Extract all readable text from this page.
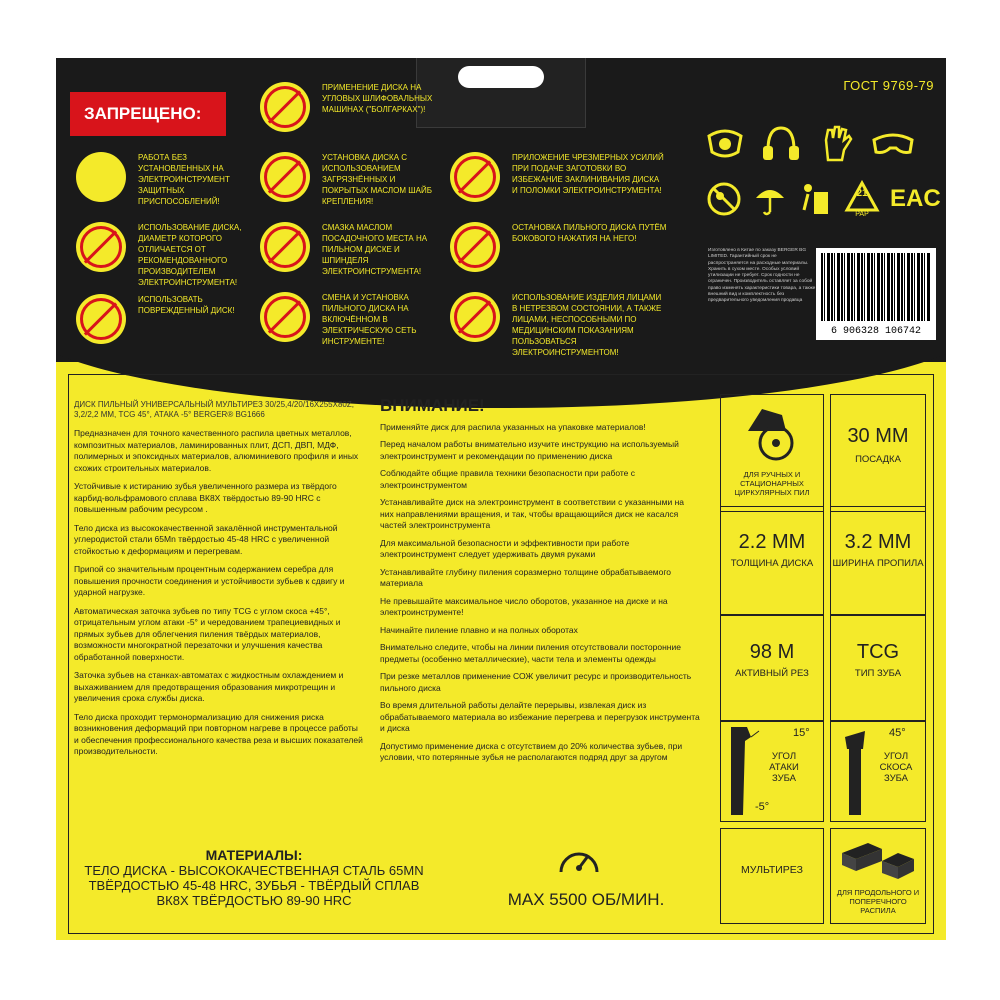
ЗАПРЕЩЕНО:
ГОСТ 9769-79
РАБОТА БЕЗ УСТАНОВЛЕННЫХ НА ЭЛЕКТРОИНСТРУМЕНТ ЗАЩИТНЫХ ПРИСПОСОБЛЕНИЙ!
ИСПОЛЬЗОВАНИЕ ДИСКА, ДИАМЕТР КОТОРОГО ОТЛИЧАЕТСЯ ОТ РЕКОМЕНДОВАННОГО ПРОИЗВОДИТЕЛЕМ ЭЛЕКТРОИНСТРУМЕНТА!
ИСПОЛЬЗОВАТЬ ПОВРЕЖДЕННЫЙ ДИСК!
ПРИМЕНЕНИЕ ДИСКА НА УГЛОВЫХ ШЛИФОВАЛЬНЫХ МАШИНАХ ("БОЛГАРКАХ")!
УСТАНОВКА ДИСКА С ИСПОЛЬЗОВАНИЕМ ЗАГРЯЗНЁННЫХ И ПОКРЫТЫХ МАСЛОМ ШАЙБ КРЕПЛЕНИЯ!
СМАЗКА МАСЛОМ ПОСАДОЧНОГО МЕСТА НА ПИЛЬНОМ ДИСКЕ И ШПИНДЕЛЯ ЭЛЕКТРОИНСТРУМЕНТА!
СМЕНА И УСТАНОВКА ПИЛЬНОГО ДИСКА НА ВКЛЮЧЁННОМ В ЭЛЕКТРИЧЕСКУЮ СЕТЬ ИНСТРУМЕНТЕ!
ПРИЛОЖЕНИЕ ЧРЕЗМЕРНЫХ УСИЛИЙ ПРИ ПОДАЧЕ ЗАГОТОВКИ ВО ИЗБЕЖАНИЕ ЗАКЛИНИВАНИЯ ДИСКА И ПОЛОМКИ ЭЛЕКТРОИНСТРУМЕНТА!
ОСТАНОВКА ПИЛЬНОГО ДИСКА ПУТЁМ БОКОВОГО НАЖАТИЯ НА НЕГО!
ИСПОЛЬЗОВАНИЕ ИЗДЕЛИЯ ЛИЦАМИ В НЕТРЕЗВОМ СОСТОЯНИИ, А ТАКЖЕ ЛИЦАМИ, НЕСПОСОБНЫМИ ПО МЕДИЦИНСКИМ ПОКАЗАНИЯМ ПОЛЬЗОВАТЬСЯ ЭЛЕКТРОИНСТРУМЕНТОМ!
21
PAP
EAC
Изготовлено в Китае по заказу BERGER BG LIMITED. Гарантийный срок не распространяется на расходные материалы. Хранить в сухом месте. Особых условий утилизации не требует. Срок годности не ограничен. Производитель оставляет за собой право изменять характеристики товара, а также внешний вид и комплектность без предварительного уведомления продавца
6 906328 106742
ДИСК ПИЛЬНЫЙ УНИВЕРСАЛЬНЫЙ МУЛЬТИРЕЗ 30/25,4/20/16Х255Х80Z, 3,2/2,2 ММ, TCG 45°, АТАКА -5° BERGER® BG1666

Предназначен для точного качественного распила цветных металлов, композитных материалов, ламинированных плит, ДСП, ДВП, МДФ, полимерных и эпоксидных материалов, алюминиевого профиля и иных схожих строительных материалов.

Устойчивые к истиранию зубья увеличенного размера из твёрдого карбид-вольфрамового сплава ВК8Х твёрдостью 89-90 HRC с повышенным рабочим ресурсом .

Тело диска из высококачественной закалённой инструментальной углеродистой стали 65Mn твёрдостью 45-48 HRC с увеличенной стойкостью к деформациям и перегревам.

Припой со значительным процентным содержанием серебра для повышения прочности соединения и устойчивости зубьев к сдвигу и ударной нагрузке.

Автоматическая заточка зубьев по типу TCG с углом скоса +45°, отрицательным углом атаки -5° и чередованием трапециевидных и прямых зубьев для облегчения пиления твёрдых материалов, возможности многократной перезаточки и улучшения качества обработанной поверхности.

Заточка зубьев на станках-автоматах с жидкостным охлаждением и выхаживанием для предотвращения образования микротрещин и увеличения срока службы диска.

Тело диска проходит термонормализацию для снижения риска возникновения деформаций при повторном нагреве в процессе работы и обеспечения профессионального качества реза и высших показателей производительности.

МАТЕРИАЛЫ:
ТЕЛО ДИСКА - ВЫСОКОКАЧЕСТВЕННАЯ СТАЛЬ 65MN ТВЁРДОСТЬЮ 45-48 HRC, ЗУБЬЯ - ТВЁРДЫЙ СПЛАВ ВК8Х ТВЁРДОСТЬЮ 89-90 HRC
ВНИМАНИЕ!

Применяйте диск для распила указанных на упаковке материалов!

Перед началом работы внимательно изучите инструкцию на используемый электроинструмент и рекомендации по применению диска

Соблюдайте общие правила техники безопасности при работе с электроинструментом

Устанавливайте диск на электроинструмент в соответствии с указанными на них направлениями вращения, и так, чтобы вращающийся диск не касался частей электроинструмента

Для максимальной безопасности и эффективности при работе электроинструмент следует удерживать двумя руками

Устанавливайте глубину пиления соразмерно толщине обрабатываемого материала

Не превышайте максимальное число оборотов, указанное на диске и на электроинструменте!

Начинайте пиление плавно и на полных оборотах

Внимательно следите, чтобы на линии пиления отсутствовали посторонние предметы (особенно металлические), части тела и элементы одежды

При резке металлов применение СОЖ увеличит ресурс и производительность пильного диска

Во время длительной работы делайте перерывы, извлекая диск из обрабатываемого материала во избежание перегрева и перегрузок инструмента и диска

Допустимо применение диска с отсутствием до 20% количества зубьев, при условии, что потерянные зубья не располагаются подряд друг за другом

MAX 5500 ОБ/МИН.
ДЛЯ РУЧНЫХ И СТАЦИОНАРНЫХ ЦИРКУЛЯРНЫХ ПИЛ
30 ММ
ПОСАДКА
2.2 ММ
ТОЛЩИНА ДИСКА
3.2 ММ
ШИРИНА ПРОПИЛА
98 М
АКТИВНЫЙ РЕЗ
TCG
ТИП ЗУБА
15°
УГОЛ АТАКИ ЗУБА
-5°
45°
УГОЛ СКОСА ЗУБА
МУЛЬТИРЕЗ
ДЛЯ ПРОДОЛЬНОГО И ПОПЕРЕЧНОГО РАСПИЛА
